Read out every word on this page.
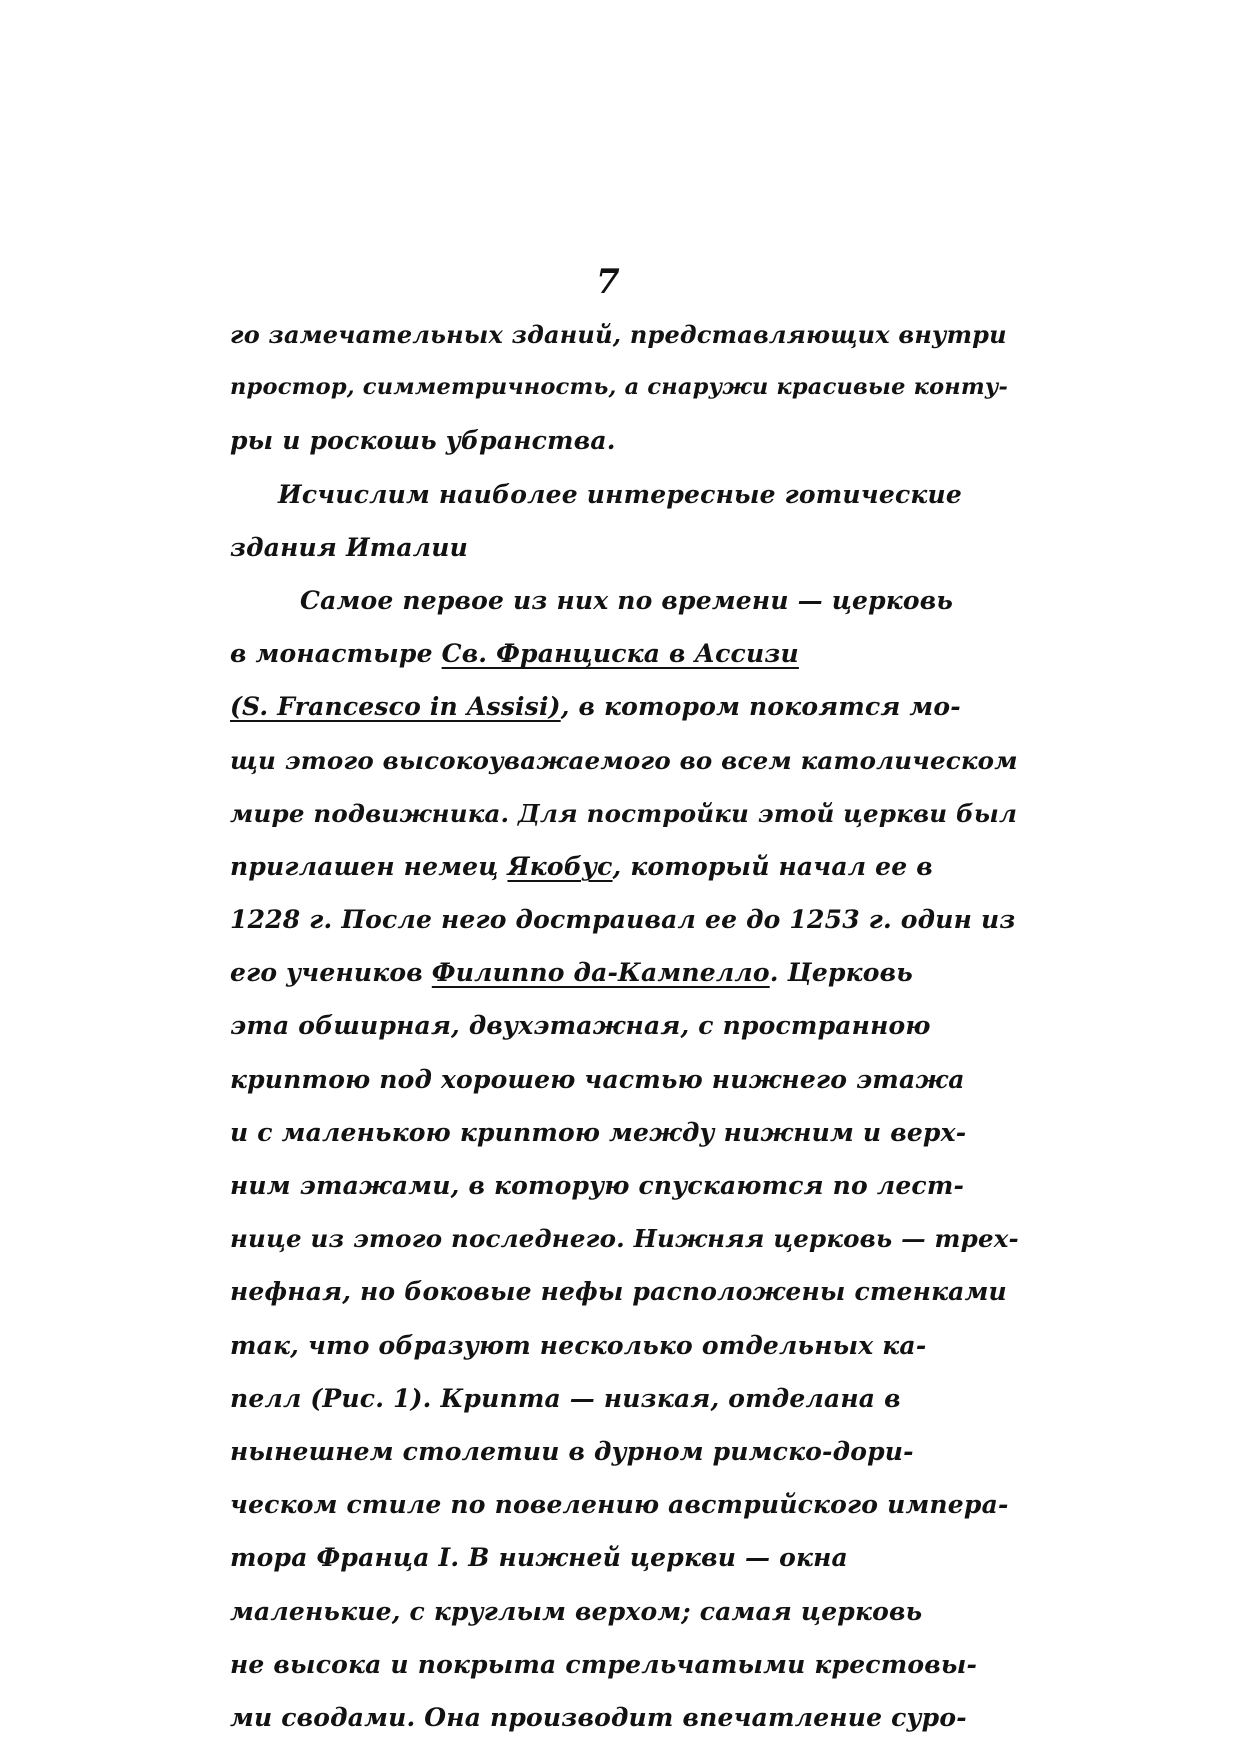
7
го замечательных зданий, представляющих внутри
простор, симметричность, а снаружи красивые конту-
ры и роскошь убранства.
Исчислим наиболее интересные готические
здания Италии
Самое первое из них по времени — церковь
в монастыре Св. Франциска в Ассизи
(S. Francesco in Assisi), в котором покоятся мо-
щи этого высокоуважаемого во всем католическом
мире подвижника. Для постройки этой церкви был
приглашен немец Якобус, который начал ее в
1228 г. После него достраивал ее до 1253 г. один из
его учеников Филиппо да-Кампелло. Церковь
эта обширная, двухэтажная, с пространною
криптою под хорошею частью нижнего этажа
и с маленькою криптою между нижним и верх-
ним этажами, в которую спускаются по лест-
нице из этого последнего. Нижняя церковь — трех-
нефная, но боковые нефы расположены стенками
так, что образуют несколько отдельных ка-
пелл (Рис. 1). Крипта — низкая, отделана в
нынешнем столетии в дурном римско-дори-
ческом стиле по повелению австрийского импера-
тора Франца I. В нижней церкви — окна
маленькие, с круглым верхом; самая церковь
не высока и покрыта стрельчатыми крестовы-
ми сводами. Она производит впечатление суро-
